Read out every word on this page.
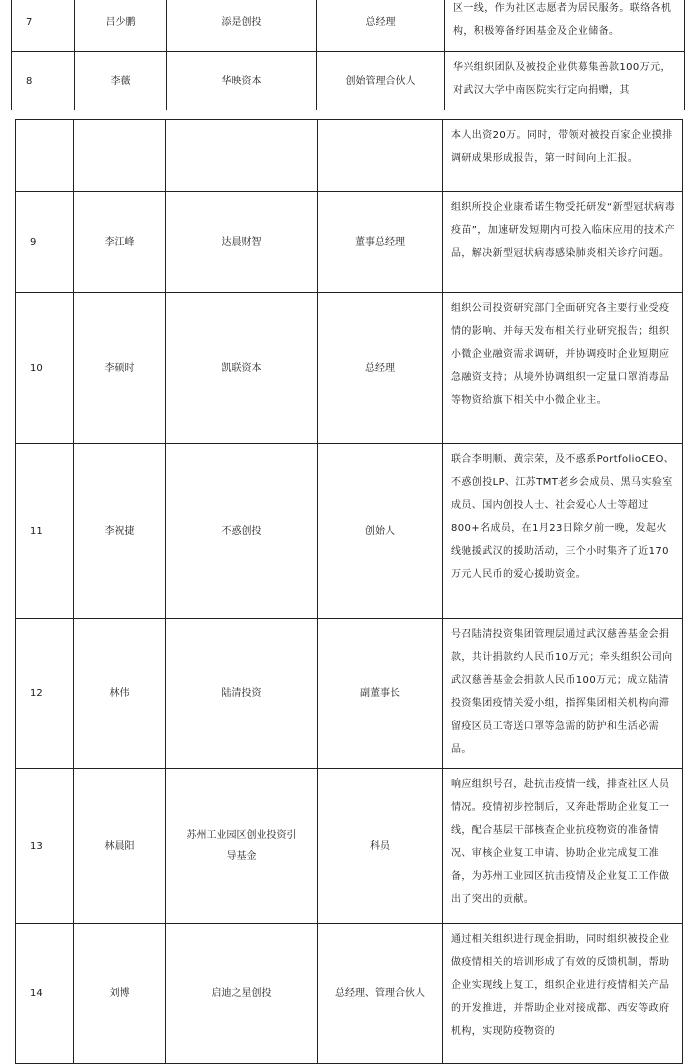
7	吕少鹏	添是创投	总经理	区一线，作为社区志愿者为居民服务。联络各机构，积极筹备纾困基金及企业储备。
8	李薇	华映资本	创始管理合伙人	华兴组织团队及被投企业供募集善款100万元，对武汉大学中南医院实行定向捐赠，其
				本人出资20万。同时，带领对被投百家企业摸排调研成果形成报告，第一时间向上汇报。
9	李江峰	达晨财智	董事总经理	组织所投企业康希诺生物受托研发“新型冠状病毒疫苗”，加速研发短期内可投入临床应用的技术产品，解决新型冠状病毒感染肺炎相关诊疗问题。
10	李硕时	凯联资本	总经理	组织公司投资研究部门全面研究各主要行业受疫情的影响、并每天发布相关行业研究报告；组织小微企业融资需求调研，并协调疫时企业短期应急融资支持；从境外协调组织一定量口罩消毒品等物资给旗下相关中小微企业主。
11	李祝捷	不惑创投	创始人	联合李明顺、黄宗荣，及不惑系PortfolioCEO、不惑创投LP、江苏TMT老乡会成员、黑马实验室成员、国内创投人士、社会爱心人士等超过800+名成员，在1月23日除夕前一晚，发起火线驰援武汉的援助活动，三个小时集齐了近170万元人民币的爱心援助资金。
12	林伟	陆清投资	副董事长	号召陆清投资集团管理层通过武汉慈善基金会捐款，共计捐款约人民币10万元；牵头组织公司向武汉慈善基金会捐款人民币100万元；成立陆清投资集团疫情关爱小组，指挥集团相关机构向滞留疫区员工寄送口罩等急需的防护和生活必需品。
13	林晨阳	苏州工业园区创业投资引导基金	科员	响应组织号召，赴抗击疫情一线，排查社区人员情况。疫情初步控制后，又奔赴帮助企业复工一线，配合基层干部核查企业抗疫物资的准备情况、审核企业复工申请、协助企业完成复工准备，为苏州工业园区抗击疫情及企业复工工作做出了突出的贡献。
14	刘博	启迪之星创投	总经理、管理合伙人	通过相关组织进行现金捐助，同时组织被投企业做疫情相关的培训形成了有效的反馈机制，帮助企业实现线上复工，组织企业进行疫情相关产品的开发推进，并帮助企业对接成都、西安等政府机构，实现防疫物资的
